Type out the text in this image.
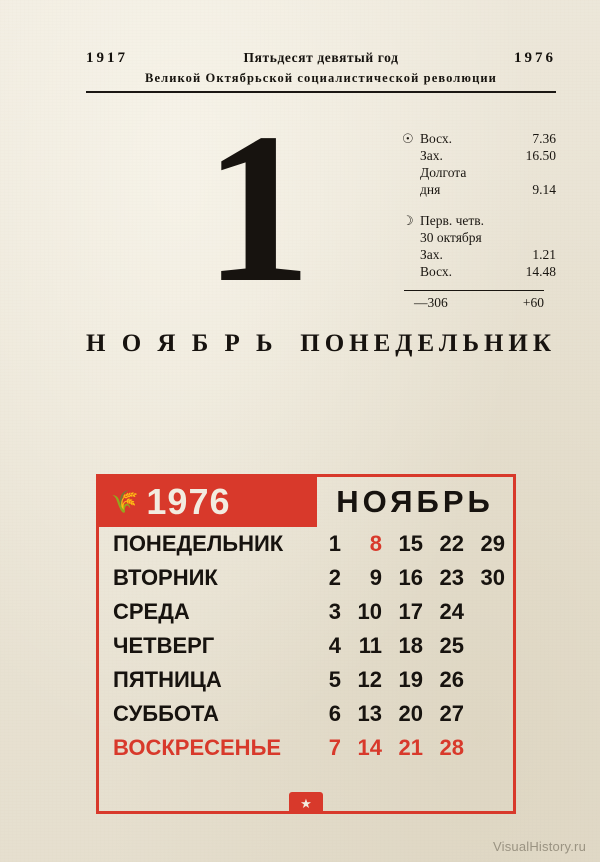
1917	Пятьдесят девятый год	1976
Великой Октябрьской социалистической революции
1	☉ Восх.	7.36
Зах.	16.50
Долгота
дня	9.14
☽ Перв. четв.
30 октября
Зах.	1.21
Восх.	14.48
—306	+60
Н О Я Б Р Ь ПОНЕДЕЛЬНИК
🌾 1976	НОЯБРЬ
ПОНЕДЕЛЬНИК	1	8 15 22 29
ВТОРНИК	2	9 16 23 30
СРЕДА	3 10 17 24
ЧЕТВЕРГ	4 11 18 25
ПЯТНИЦА	5 12 19 26
СУББОТА	6 13 20 27
ВОСКРЕСЕНЬЕ	7 14 21 28
★
VisualHistory.ru
